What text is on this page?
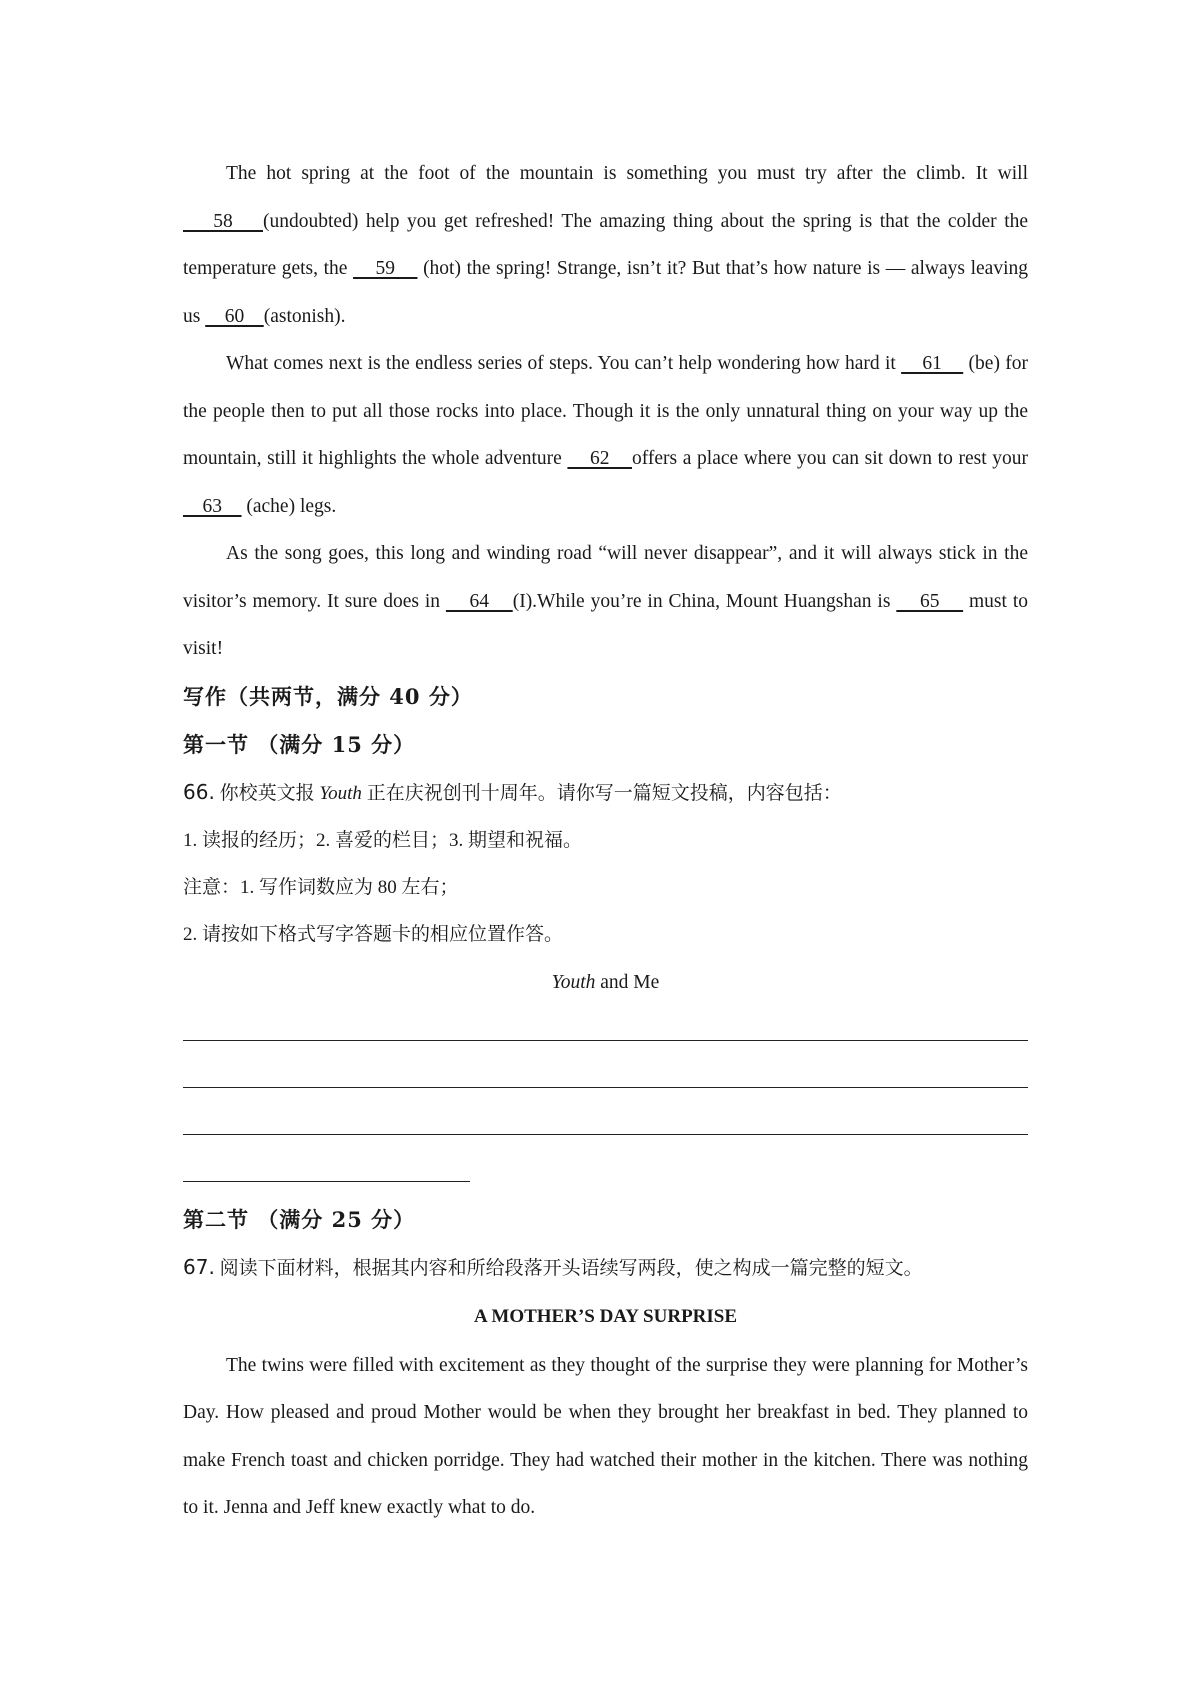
The hot spring at the foot of the mountain is something you must try after the climb. It will     58    (undoubted) help you get refreshed! The amazing thing about the spring is that the colder the temperature gets, the     59     (hot) the spring! Strange, isn’t it? But that’s how nature is — always leaving us     60    (astonish).

What comes next is the endless series of steps. You can’t help wondering how hard it     61     (be) for the people then to put all those rocks into place. Though it is the only unnatural thing on your way up the mountain, still it highlights the whole adventure     62    offers a place where you can sit down to rest your     63     (ache) legs.

As the song goes, this long and winding road “will never disappear”, and it will always stick in the visitor’s memory. It sure does in     64    (I).While you’re in China, Mount Huangshan is     65     must to visit!

写作（共两节，满分 40 分）

第一节 （满分 15 分）

66. 你校英文报 Youth 正在庆祝创刊十周年。请你写一篇短文投稿，内容包括：

1. 读报的经历；2. 喜爱的栏目；3. 期望和祝福。

注意：1. 写作词数应为 80 左右；

2. 请按如下格式写字答题卡的相应位置作答。

Youth and Me

第二节 （满分 25 分）

67. 阅读下面材料，根据其内容和所给段落开头语续写两段，使之构成一篇完整的短文。

A MOTHER’S DAY SURPRISE

The twins were filled with excitement as they thought of the surprise they were planning for Mother’s Day. How pleased and proud Mother would be when they brought her breakfast in bed. They planned to make French toast and chicken porridge. They had watched their mother in the kitchen. There was nothing to it. Jenna and Jeff knew exactly what to do.
